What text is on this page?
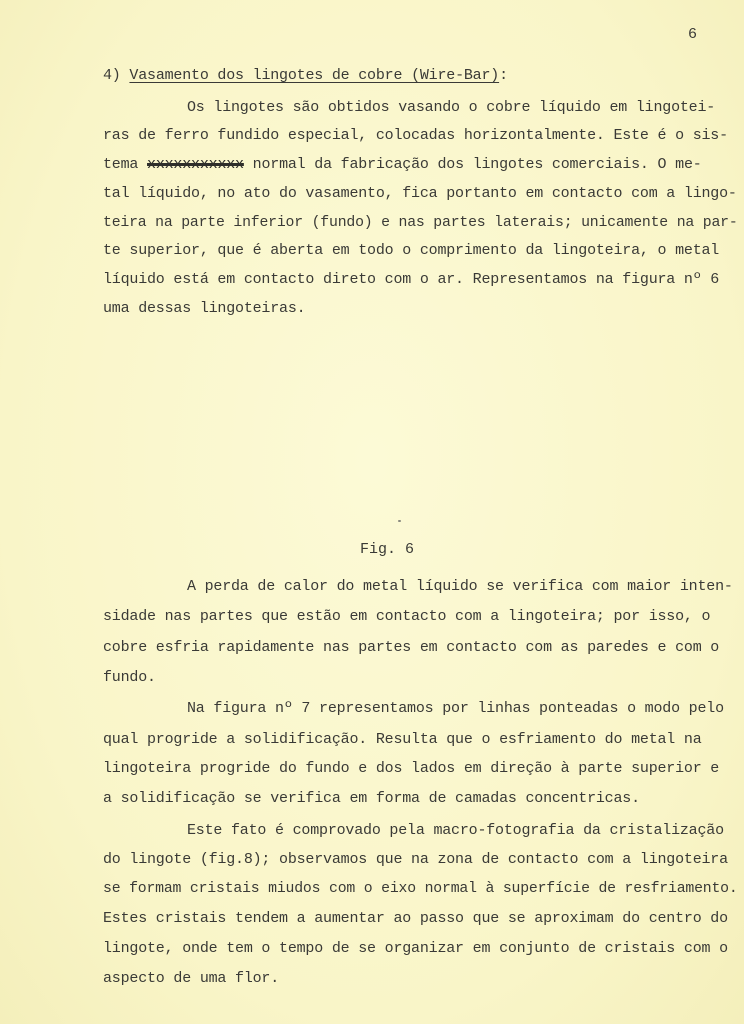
6
4) Vasamento dos lingotes de cobre (Wire-Bar):
Os lingotes são obtidos vasando o cobre líquido em lingotei-
ras de ferro fundido especial, colocadas horizontalmente. Este é o sis-
tema xxxxxxxxxxx normal da fabricação dos lingotes comerciais. O me-
tal líquido, no ato do vasamento, fica portanto em contacto com a lingo-
teira na parte inferior (fundo) e nas partes laterais; unicamente na par-
te superior, que é aberta em todo o comprimento da lingoteira, o metal
líquido está em contacto direto com o ar. Representamos na figura nº 6
uma dessas lingoteiras.
Fig. 6
A perda de calor do metal líquido se verifica com maior inten-
sidade nas partes que estão em contacto com a lingoteira; por isso, o
cobre esfria rapidamente nas partes em contacto com as paredes e com o
fundo.
Na figura nº 7 representamos por linhas ponteadas o modo pelo
qual progride a solidificação. Resulta que o esfriamento do metal na
lingoteira progride do fundo e dos lados em direção à parte superior e
a solidificação se verifica em forma de camadas concentricas.
Este fato é comprovado pela macro-fotografia da cristalização
do lingote (fig.8); observamos que na zona de contacto com a lingoteira
se formam cristais miudos com o eixo normal à superfície de resfriamento.
Estes cristais tendem a aumentar ao passo que se aproximam do centro do
lingote, onde tem o tempo de se organizar em conjunto de cristais com o
aspecto de uma flor.
